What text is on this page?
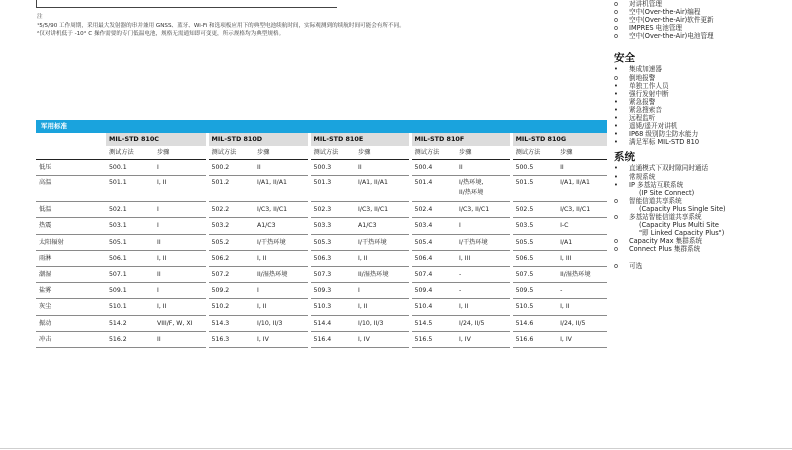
注
¹5/5/90 工作周期，采用最大发射器的串并兼用 GNSS、蓝牙、Wi-Fi 和选项板应用下的典型电池续航时间，实际观测到的续航时间可能会有所不同。
²仅对讲机低于 -10° C 操作需要的专门低温电池，规格无需通知即可变更，所示规格均为典型规格。
军用标准
	MIL-STD 810C		MIL-STD 810D		MIL-STD 810E		MIL-STD 810F		MIL-STD 810G	
	测试方法	步骤	测试方法	步骤	测试方法	步骤	测试方法	步骤	测试方法	步骤
低压	500.1	I	500.2	II	500.3	II	500.4	II	500.5	II
高温	501.1	I, II	501.2	I/A1, II/A1	501.3	I/A1, II/A1	501.4	I/热环境,
II/热环境	501.5	I/A1, II/A1
低温	502.1	I	502.2	I/C3, II/C1	502.3	I/C3, II/C1	502.4	I/C3, II/C1	502.5	I/C3, II/C1
热震	503.1	I	503.2	A1/C3	503.3	A1/C3	503.4	I	503.5	I-C
太阳辐射	505.1	II	505.2	I/干热环境	505.3	I/干热环境	505.4	I/干热环境	505.5	I/A1
雨淋	506.1	I, II	506.2	I, II	506.3	I, II	506.4	I, III	506.5	I, III
潮湿	507.1	II	507.2	II/湿热环境	507.3	II/湿热环境	507.4	-	507.5	II/湿热环境
盐雾	509.1	I	509.2	I	509.3	I	509.4	-	509.5	-
灰尘	510.1	I, II	510.2	I, II	510.3	I, II	510.4	I, II	510.5	I, II
振动	514.2	VIII/F, W, XI	514.3	I/10, II/3	514.4	I/10, II/3	514.5	I/24, II/5	514.6	I/24, II/5
冲击	516.2	II	516.3	I, IV	516.4	I, IV	516.5	I, IV	516.6	I, IV
o	对讲机管理
o	空中(Over-the-Air)编程
o	空中(Over-the-Air)软件更新
o	IMPRES 电池管理
o	空中(Over-the-Air)电池管理
安全
•	集成加速器
o	倒地报警
•	单独工作人员
•	强行发射中断
•	紧急报警
•	紧急搜索音
•	远程监听
•	遥毙/遥开对讲机
•	IP68 级别防尘防水能力
•	满足军标 MIL-STD 810
系统
•	直通模式下双时隙同时通话
•	常规系统
•	IP 多基站互联系统
(IP Site Connect)
o	智能信道共享系统
(Capacity Plus Single Site)
o	多基站智能信道共享系统
(Capacity Plus Multi Site
"即 Linked Capacity Plus")
o	Capacity Max 集群系统
o	Connect Plus 集群系统
o	可选
